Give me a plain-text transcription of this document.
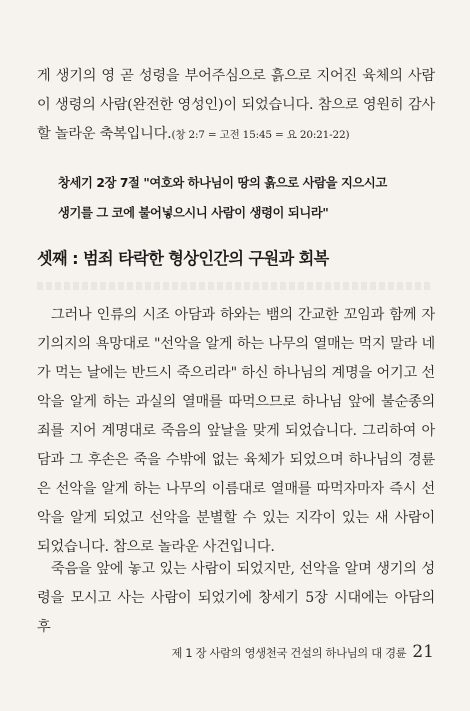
게 생기의 영 곧 성령을 부어주심으로 흙으로 지어진 육체의 사람이 생령의 사람(완전한 영성인)이 되었습니다. 참으로 영원히 감사할 놀라운 축복입니다.(창 2:7 = 고전 15:45 = 요 20:21-22)

창세기 2장 7절 "여호와 하나님이 땅의 흙으로 사람을 지으시고

생기를 그 코에 불어넣으시니 사람이 생령이 되니라"

셋째 : 범죄 타락한 형상인간의 구원과 회복

그러나 인류의 시조 아담과 하와는 뱀의 간교한 꼬임과 함께 자기의지의 욕망대로 "선악을 알게 하는 나무의 열매는 먹지 말라 네가 먹는 날에는 반드시 죽으리라" 하신 하나님의 계명을 어기고 선악을 알게 하는 과실의 열매를 따먹으므로 하나님 앞에 불순종의 죄를 지어 계명대로 죽음의 앞날을 맞게 되었습니다. 그리하여 아담과 그 후손은 죽을 수밖에 없는 육체가 되었으며 하나님의 경륜은 선악을 알게 하는 나무의 이름대로 열매를 따먹자마자 즉시 선악을 알게 되었고 선악을 분별할 수 있는 지각이 있는 새 사람이 되었습니다. 참으로 놀라운 사건입니다.

죽음을 앞에 놓고 있는 사람이 되었지만, 선악을 알며 생기의 성령을 모시고 사는 사람이 되었기에 창세기 5장 시대에는 아담의 후

제 1 장 사람의 영생천국 건설의 하나님의 대 경륜 21
